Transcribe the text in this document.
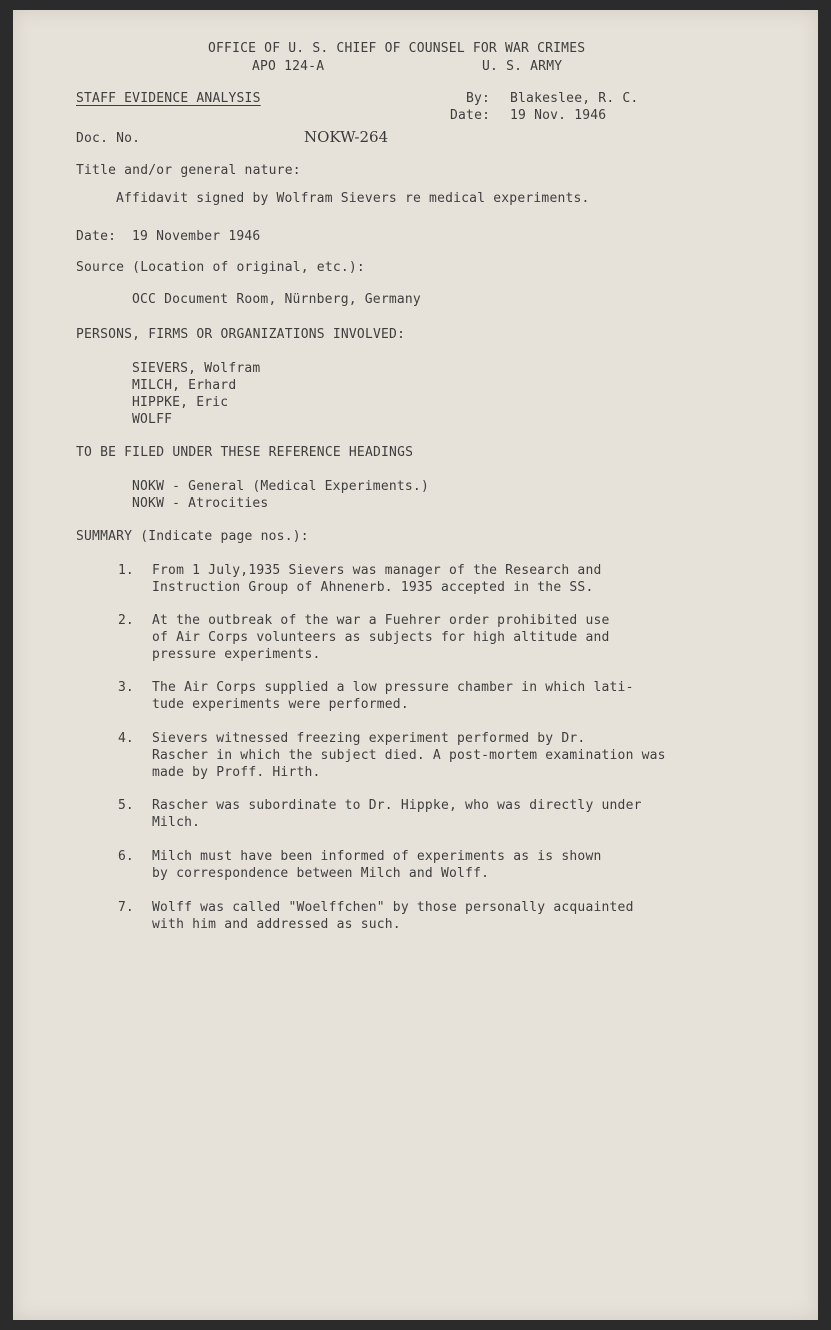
OFFICE OF U. S. CHIEF OF COUNSEL FOR WAR CRIMES
APO 124-A	U. S. ARMY
STAFF EVIDENCE ANALYSIS	By: Blakeslee, R. C.
Date: 19 Nov. 1946
Doc. No.	NOKW-264
Title and/or general nature:
Affidavit signed by Wolfram Sievers re medical experiments.
Date: 19 November 1946
Source (Location of original, etc.):
OCC Document Room, Nürnberg, Germany
PERSONS, FIRMS OR ORGANIZATIONS INVOLVED:
SIEVERS, Wolfram
MILCH, Erhard
HIPPKE, Eric
WOLFF
TO BE FILED UNDER THESE REFERENCE HEADINGS
NOKW - General (Medical Experiments.)
NOKW - Atrocities
SUMMARY (Indicate page nos.):
1. From 1 July,1935 Sievers was manager of the Research and
Instruction Group of Ahnenerb. 1935 accepted in the SS.
2. At the outbreak of the war a Fuehrer order prohibited use
of Air Corps volunteers as subjects for high altitude and
pressure experiments.
3. The Air Corps supplied a low pressure chamber in which lati-
tude experiments were performed.
4. Sievers witnessed freezing experiment performed by Dr.
Rascher in which the subject died. A post-mortem examination was
made by Proff. Hirth.
5. Rascher was subordinate to Dr. Hippke, who was directly under
Milch.
6. Milch must have been informed of experiments as is shown
by correspondence between Milch and Wolff.
7. Wolff was called "Woelffchen" by those personally acquainted
with him and addressed as such.
